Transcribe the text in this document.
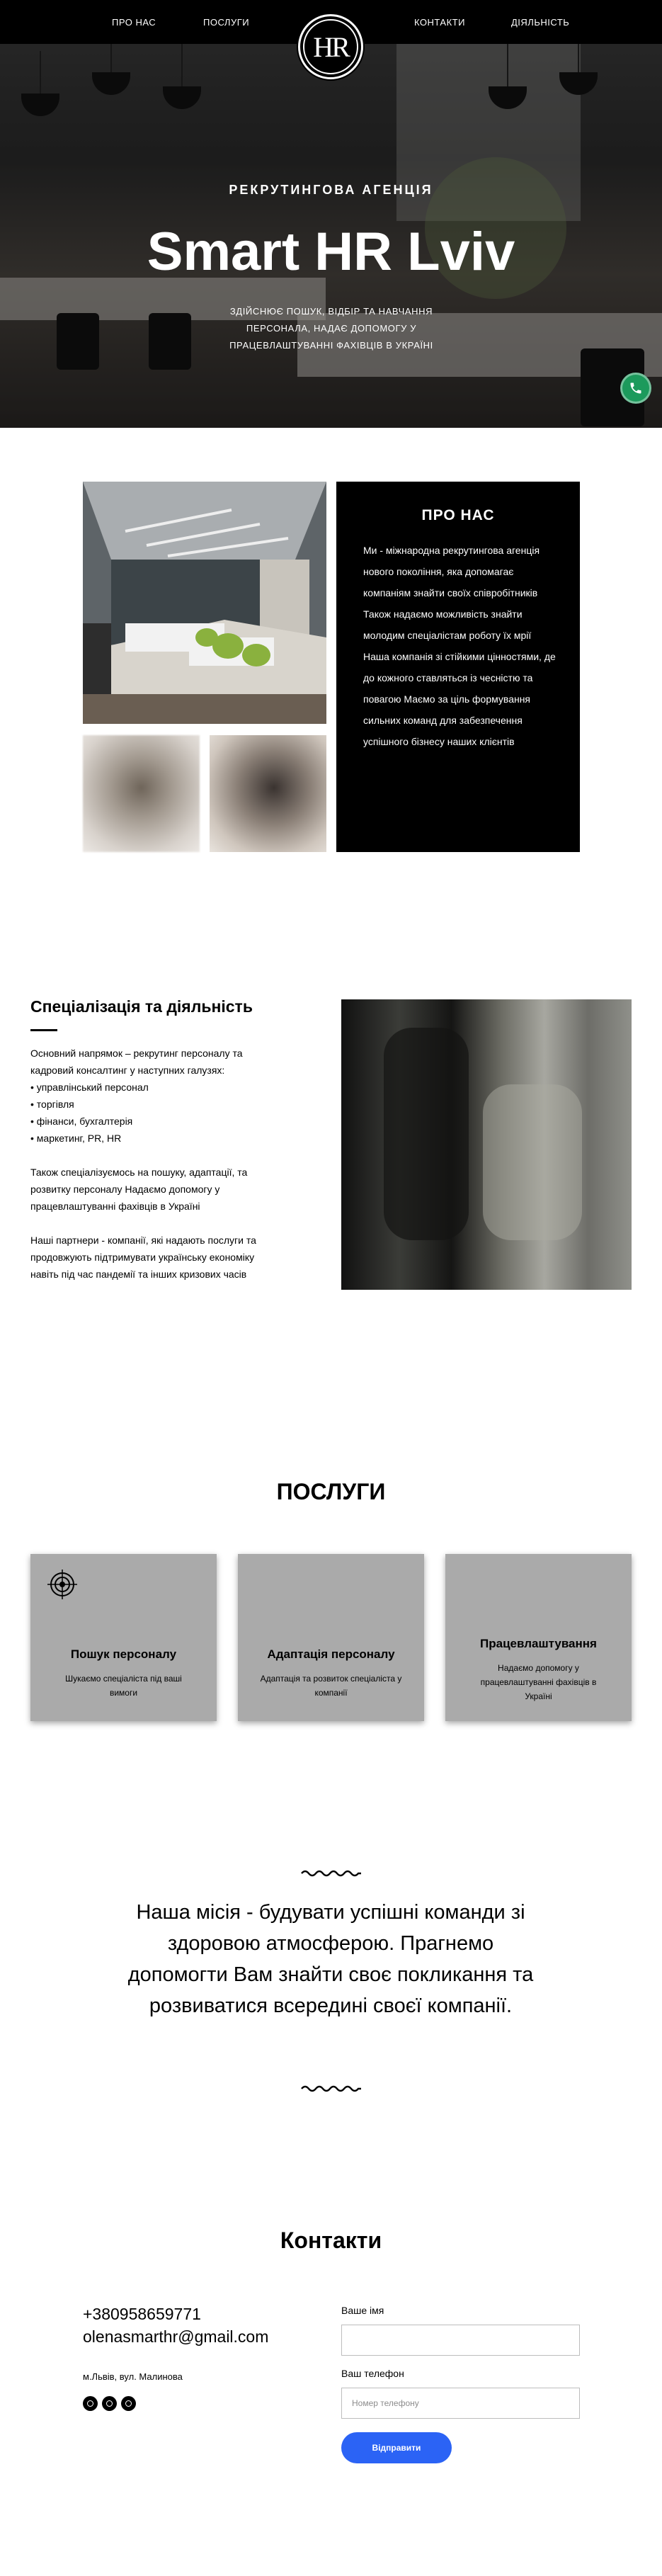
ПРО НАС	ПОСЛУГИ	КОНТАКТИ	ДІЯЛЬНІСТЬ
HR
РЕКРУТИНГОВА АГЕНЦІЯ
Smart HR Lviv
ЗДІЙСНЮЄ ПОШУК, ВІДБІР ТА НАВЧАННЯ ПЕРСОНАЛА, НАДАЄ ДОПОМОГУ У ПРАЦЕВЛАШТУВАННІ ФАХІВЦІВ В УКРАЇНІ
ПРО НАС
Ми - міжнародна рекрутингова агенція нового покоління, яка допомагає компаніям знайти своїх співробітників Також надаємо можливість знайти молодим спеціалістам роботу їх мрії Наша компанія зі стійкими цінностями, де до кожного ставляться із чесністю та повагою Маємо за ціль формування сильних команд для забезпечення успішного бізнесу наших клієнтів
Спеціалізація та діяльність

Основний напрямок – рекрутинг персоналу та кадровий консалтинг у наступних галузях:

• управлінський персонал
• торгівля
• фінанси, бухгалтерія
• маркетинг, PR, HR

Також спеціалізуємось на пошуку, адаптації, та розвитку персоналу Надаємо допомогу у працевлаштуванні фахівців в Україні

Наші партнери - компанії, які надають послуги та продовжують підтримувати українську економіку навіть під час пандемії та інших кризових часів

ПОСЛУГИ
Пошук персоналу

Шукаємо спеціаліста під ваші вимоги

Адаптація персоналу

Адаптація та розвиток спеціаліста у компанії

Працевлаштування

Надаємо допомогу у працевлаштуванні фахівців в Україні

Наша місія - будувати успішні команди зі здоровою атмосферою. Прагнемо допомогти Вам знайти своє покликання та розвиватися всередині своєї компанії.
Контакти
+380958659771
olenasmarthr@gmail.com
м.Львів, вул. Малинова
Ваше імя
Ваш телефон
Номер телефону
Відправити
